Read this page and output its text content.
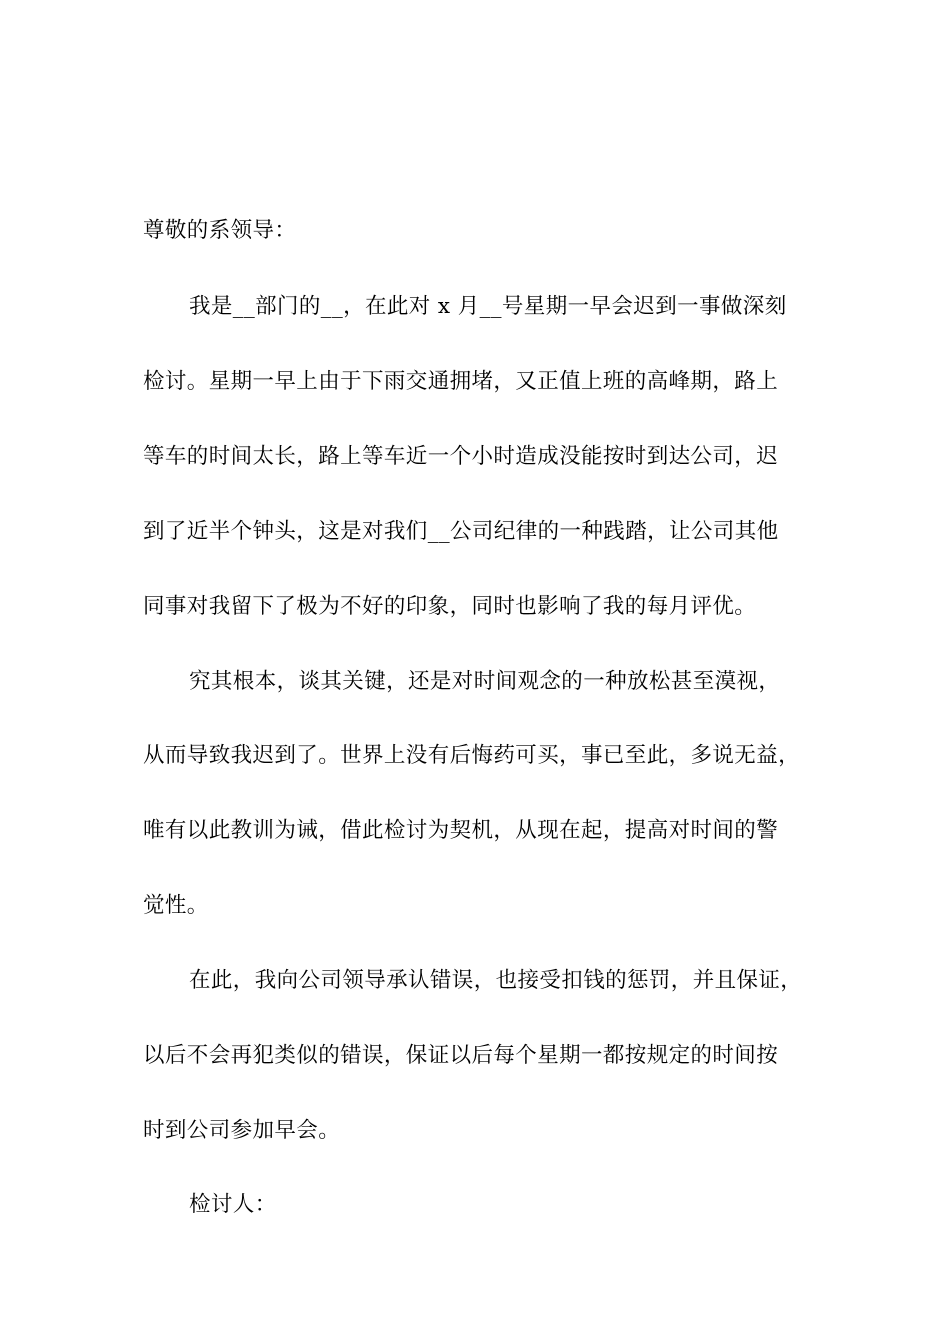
尊敬的系领导：
我是__部门的__，在此对 x 月__号星期一早会迟到一事做深刻
检讨。星期一早上由于下雨交通拥堵，又正值上班的高峰期，路上
等车的时间太长，路上等车近一个小时造成没能按时到达公司，迟
到了近半个钟头，这是对我们__公司纪律的一种践踏，让公司其他
同事对我留下了极为不好的印象，同时也影响了我的每月评优。
究其根本，谈其关键，还是对时间观念的一种放松甚至漠视，
从而导致我迟到了。世界上没有后悔药可买，事已至此，多说无益，
唯有以此教训为诫，借此检讨为契机，从现在起，提高对时间的警
觉性。
在此，我向公司领导承认错误，也接受扣钱的惩罚，并且保证，
以后不会再犯类似的错误，保证以后每个星期一都按规定的时间按
时到公司参加早会。
检讨人：
